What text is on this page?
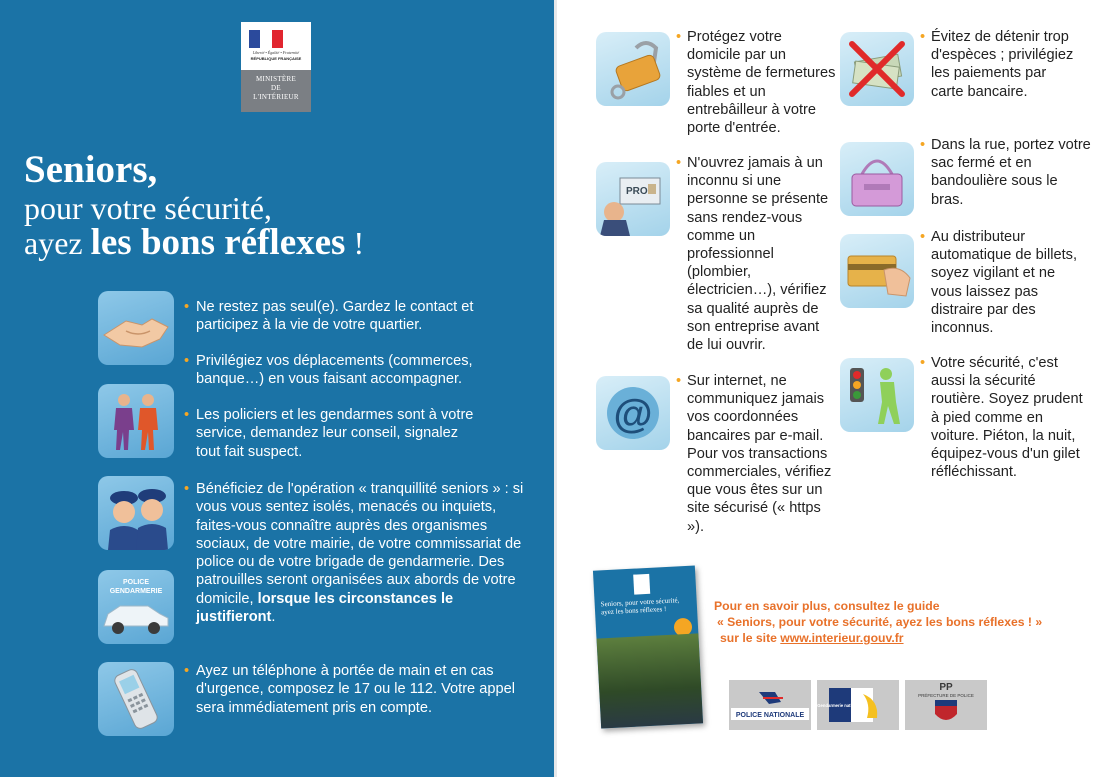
Liberté • Égalité • Fraternité
RÉPUBLIQUE FRANÇAISE
MINISTÈRE
DE
L'INTÉRIEUR
Seniors,
pour votre sécurité,
ayez les bons réflexes !
POLICE
GENDARMERIE
• Ne restez pas seul(e). Gardez le contact et participez à la vie de votre quartier.
• Privilégiez vos déplacements (commerces, banque…) en vous faisant accompagner.
• Les policiers et les gendarmes sont à votre service, demandez leur conseil, signalez tout fait suspect.
• Bénéficiez de l'opération « tranquillité seniors » : si vous vous sentez isolés, menacés ou inquiets, faites-vous connaître auprès des organismes sociaux, de votre mairie, de votre commissariat de police ou de votre brigade de gendarmerie. Des patrouilles seront organisées aux abords de votre domicile, lorsque les circonstances le justifieront.
• Ayez un téléphone à portée de main et en cas d'urgence, composez le 17 ou le 112. Votre appel sera immédiatement pris en compte.
PRO
@
• Protégez votre domicile par un système de fermetures fiables et un entrebâilleur à votre porte d'entrée.
• N'ouvrez jamais à un inconnu si une personne se présente sans rendez-vous comme un professionnel (plombier, électricien…), vérifiez sa qualité auprès de son entreprise avant de lui ouvrir.
• Sur internet, ne communiquez jamais vos coordonnées bancaires par e-mail. Pour vos transactions commerciales, vérifiez que vous êtes sur un site sécurisé (« https »).
• Évitez de détenir trop d'espèces ; privilégiez les paiements par carte bancaire.
• Dans la rue, portez votre sac fermé et en bandoulière sous le bras.
• Au distributeur automatique de billets, soyez vigilant et ne vous laissez pas distraire par des inconnus.
• Votre sécurité, c'est aussi la sécurité routière. Soyez prudent à pied comme en voiture. Piéton, la nuit, équipez-vous d'un gilet réfléchissant.
Seniors, pour votre sécurité, ayez les bons réflexes !	Pour en savoir plus, consultez le guide
« Seniors, pour votre sécurité, ayez les bons réflexes ! »
sur le site www.interieur.gouv.fr
POLICE NATIONALE
Gendarmerie nationale
PP
PRÉFECTURE DE POLICE
